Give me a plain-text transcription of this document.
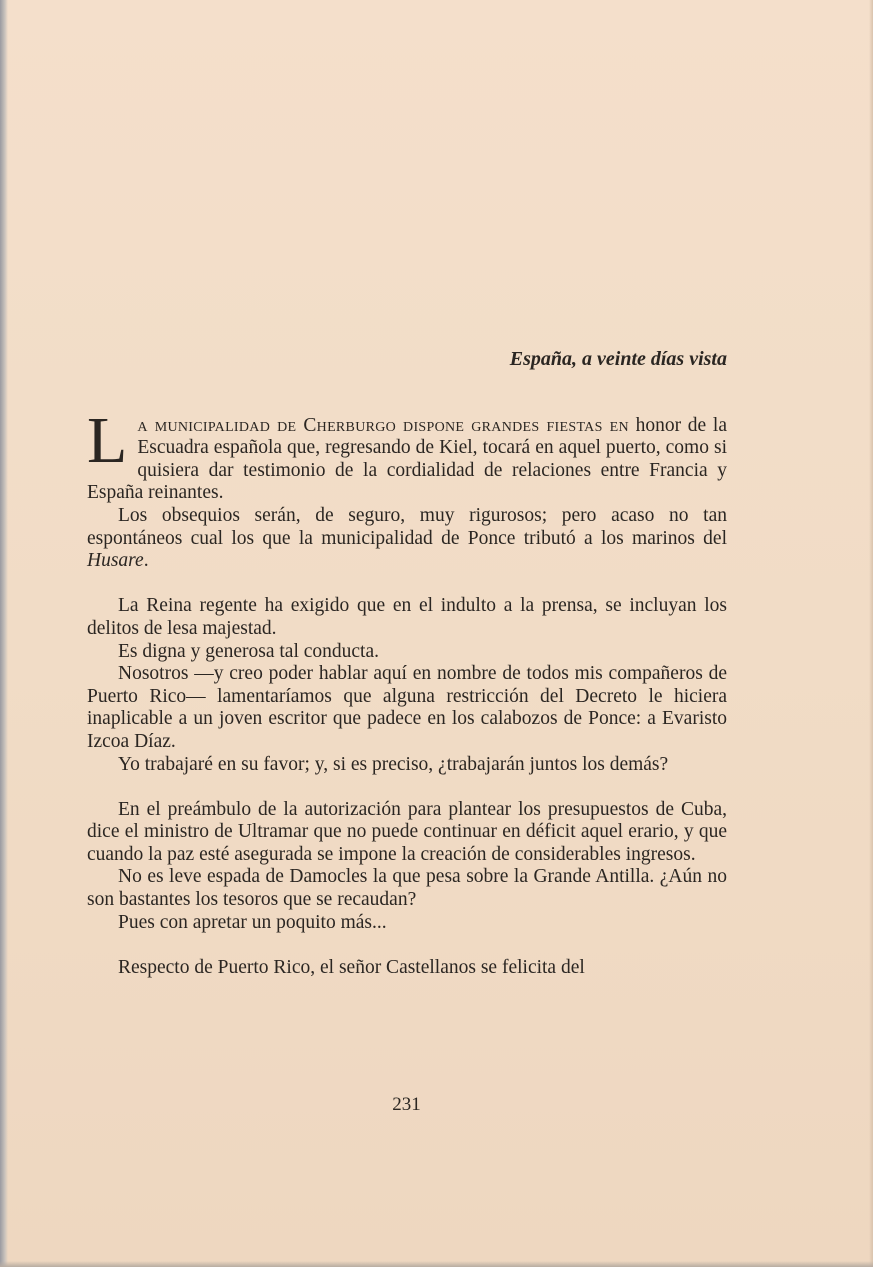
España, a veinte días vista

La municipalidad de Cherburgo dispone grandes fiestas en honor de la Escuadra española que, regresando de Kiel, tocará en aquel puerto, como si quisiera dar testimonio de la cordialidad de relaciones entre Francia y España reinantes.

Los obsequios serán, de seguro, muy rigurosos; pero acaso no tan espontáneos cual los que la municipalidad de Ponce tributó a los marinos del Husare.

La Reina regente ha exigido que en el indulto a la prensa, se incluyan los delitos de lesa majestad.

Es digna y generosa tal conducta.

Nosotros —y creo poder hablar aquí en nombre de todos mis compañeros de Puerto Rico— lamentaríamos que alguna restricción del Decreto le hiciera inaplicable a un joven escritor que padece en los calabozos de Ponce: a Evaristo Izcoa Díaz.

Yo trabajaré en su favor; y, si es preciso, ¿trabajarán juntos los demás?

En el preámbulo de la autorización para plantear los presupuestos de Cuba, dice el ministro de Ultramar que no puede continuar en déficit aquel erario, y que cuando la paz esté asegurada se impone la creación de considerables ingresos.

No es leve espada de Damocles la que pesa sobre la Grande Antilla. ¿Aún no son bastantes los tesoros que se recaudan?

Pues con apretar un poquito más...

Respecto de Puerto Rico, el señor Castellanos se felicita del

231
